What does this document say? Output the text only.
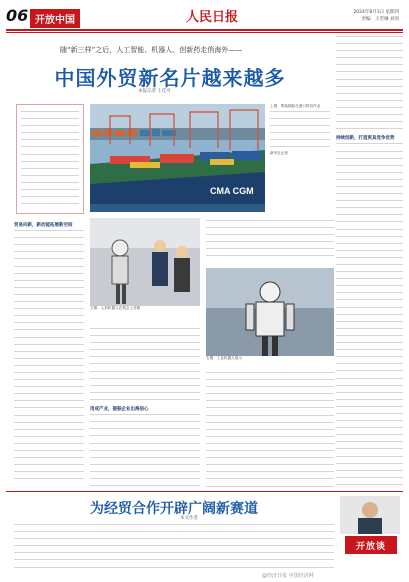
06 开放中国	人民日报	2024年8月1日 星期四
责编：王若琳 刘羽
随“新三样”之后，人工智能、机器人、创新药走俏海外——
中国外贸新名片越来越多
本报记者 王佳可
贸易向新，新动能拓展新空间
CMA CGM
上图：集装箱船在港口停泊作业
新华社记者
持续创新，打造更具竞争优势
左图：人形机器人在展会上亮相
右图：工业机器人展示
用成产业，提振企业出海信心
为经贸合作开辟广阔新赛道
本文作者
开放谈
@经济日报 中国经济网
